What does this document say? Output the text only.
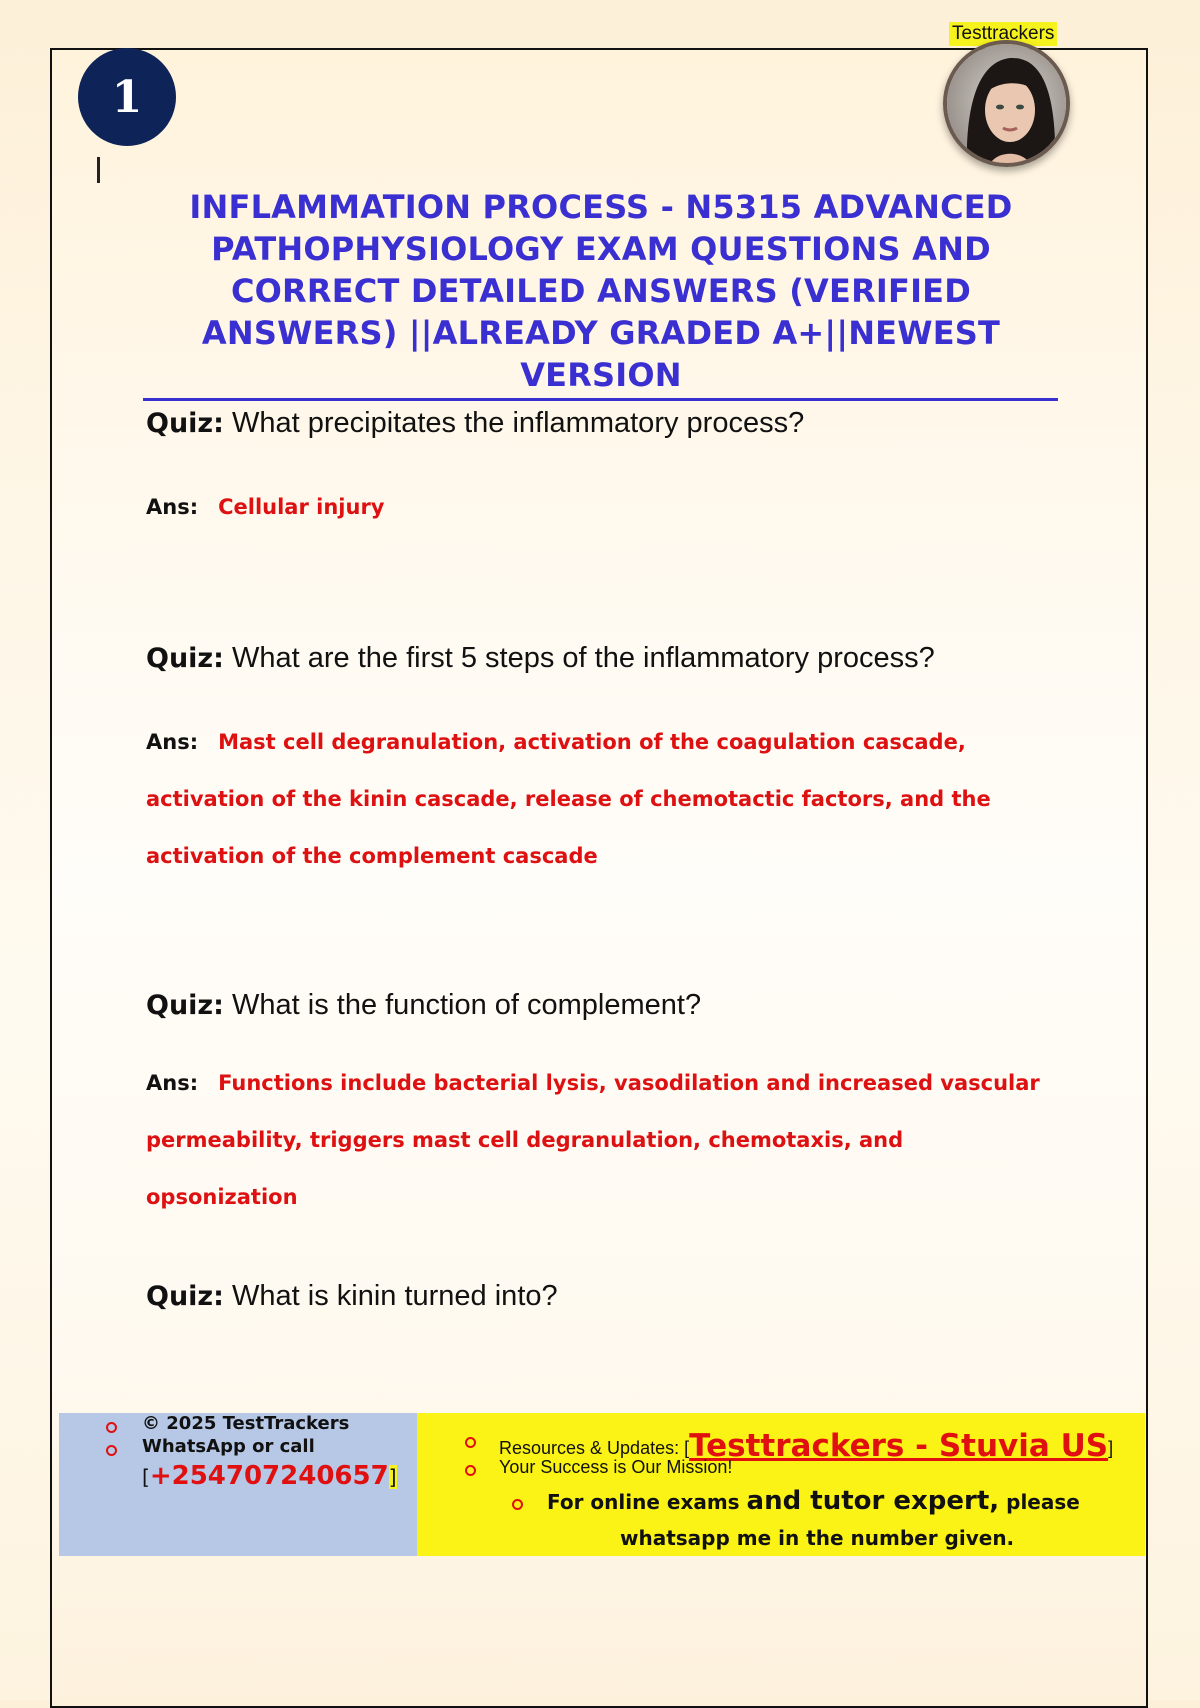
1
Testtrackers
INFLAMMATION PROCESS - N5315 ADVANCED PATHOPHYSIOLOGY EXAM QUESTIONS AND CORRECT DETAILED ANSWERS (VERIFIED ANSWERS) ||ALREADY GRADED A+||NEWEST VERSION

Quiz: What precipitates the inflammatory process?

Ans: Cellular injury

Quiz: What are the first 5 steps of the inflammatory process?

Ans: Mast cell degranulation, activation of the coagulation cascade, activation of the kinin cascade, release of chemotactic factors, and the activation of the complement cascade

Quiz: What is the function of complement?

Ans: Functions include bacterial lysis, vasodilation and increased vascular permeability, triggers mast cell degranulation, chemotaxis, and opsonization

Quiz: What is kinin turned into?

© 2025 TestTrackers
WhatsApp or call
[+254707240657]
Resources & Updates: [Testtrackers - Stuvia US]
Your Success is Our Mission!
For online exams and tutor expert, please
whatsapp me in the number given.
